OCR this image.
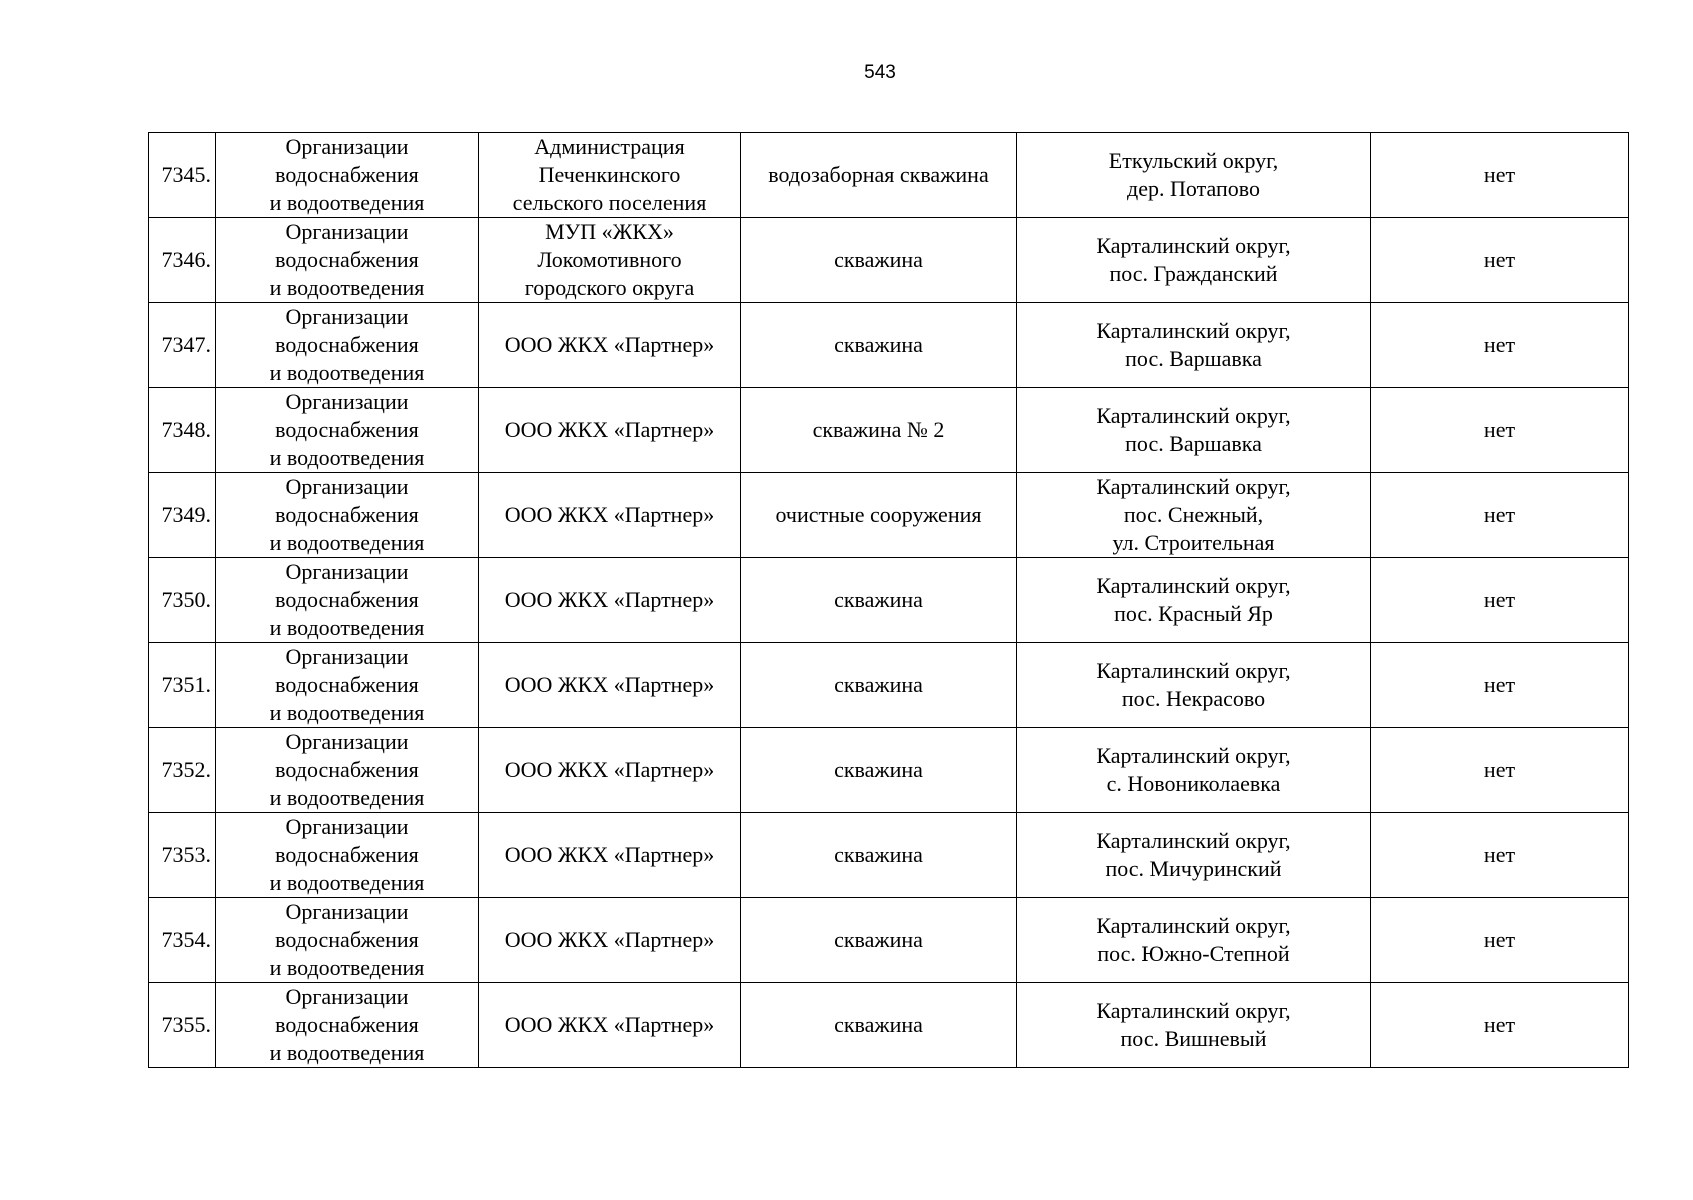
543
7345.	Организации
водоснабжения
и водоотведения	Администрация
Печенкинского
сельского поселения	водозаборная скважина	Еткульский округ,
дер. Потапово	нет
7346.	Организации
водоснабжения
и водоотведения	МУП «ЖКХ»
Локомотивного
городского округа	скважина	Карталинский округ,
пос. Гражданский	нет
7347.	Организации
водоснабжения
и водоотведения	ООО ЖКХ «Партнер»	скважина	Карталинский округ,
пос. Варшавка	нет
7348.	Организации
водоснабжения
и водоотведения	ООО ЖКХ «Партнер»	скважина № 2	Карталинский округ,
пос. Варшавка	нет
7349.	Организации
водоснабжения
и водоотведения	ООО ЖКХ «Партнер»	очистные сооружения	Карталинский округ,
пос. Снежный,
ул. Строительная	нет
7350.	Организации
водоснабжения
и водоотведения	ООО ЖКХ «Партнер»	скважина	Карталинский округ,
пос. Красный Яр	нет
7351.	Организации
водоснабжения
и водоотведения	ООО ЖКХ «Партнер»	скважина	Карталинский округ,
пос. Некрасово	нет
7352.	Организации
водоснабжения
и водоотведения	ООО ЖКХ «Партнер»	скважина	Карталинский округ,
с. Новониколаевка	нет
7353.	Организации
водоснабжения
и водоотведения	ООО ЖКХ «Партнер»	скважина	Карталинский округ,
пос. Мичуринский	нет
7354.	Организации
водоснабжения
и водоотведения	ООО ЖКХ «Партнер»	скважина	Карталинский округ,
пос. Южно-Степной	нет
7355.	Организации
водоснабжения
и водоотведения	ООО ЖКХ «Партнер»	скважина	Карталинский округ,
пос. Вишневый	нет
